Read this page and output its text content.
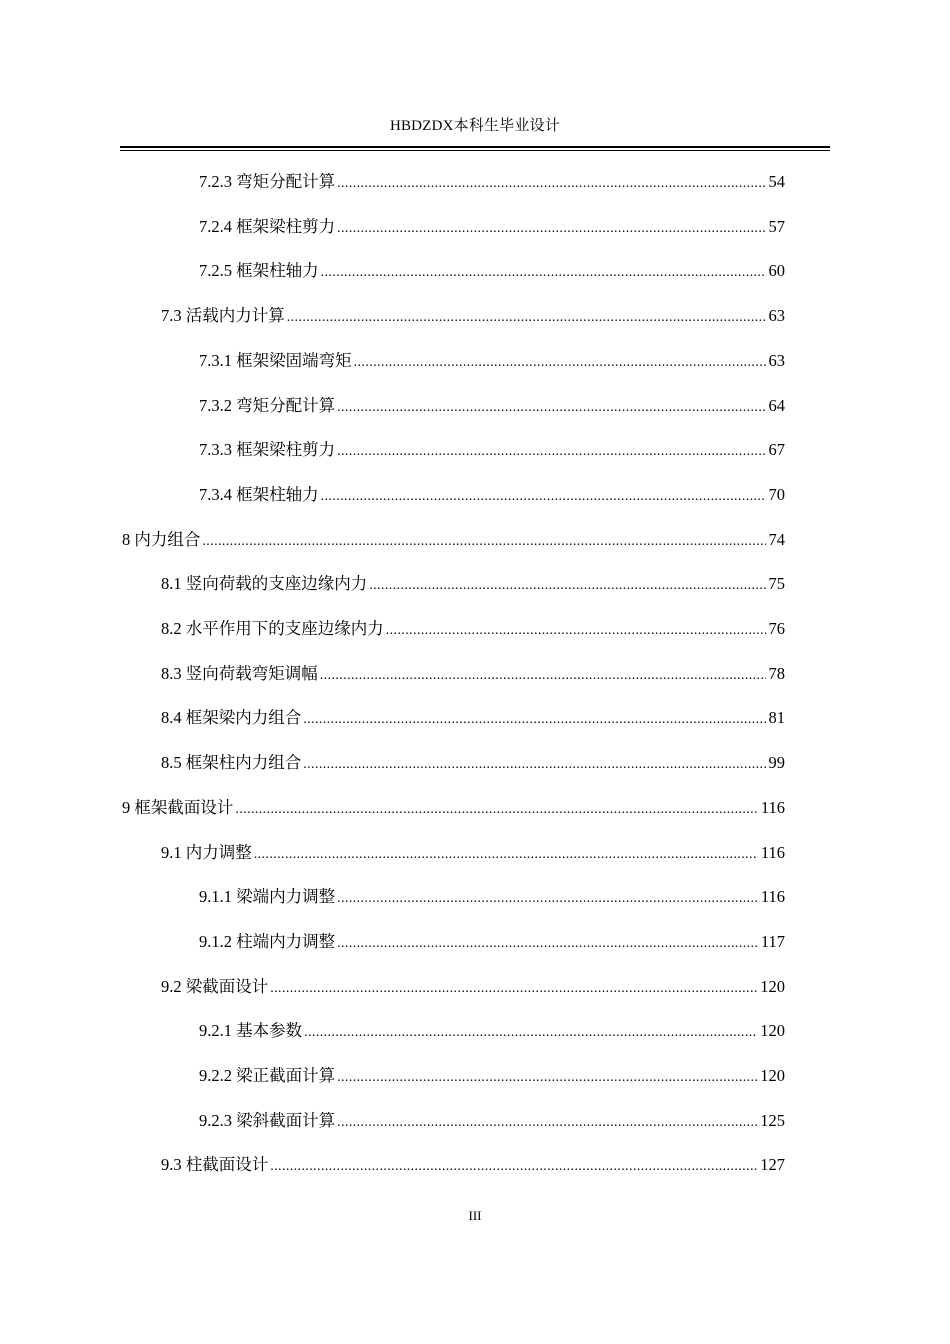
HBDZDX本科生毕业设计
7.2.3 弯矩分配计算 .....	54
7.2.4 框架梁柱剪力 .....	57
7.2.5 框架柱轴力 .....	60
7.3 活载内力计算 .....	63
7.3.1 框架梁固端弯矩 .....	63
7.3.2 弯矩分配计算 .....	64
7.3.3 框架梁柱剪力 .....	67
7.3.4 框架柱轴力 .....	70
8 内力组合 .....	74
8.1 竖向荷载的支座边缘内力 .....	75
8.2 水平作用下的支座边缘内力 .....	76
8.3 竖向荷载弯矩调幅 .....	78
8.4 框架梁内力组合 .....	81
8.5 框架柱内力组合 .....	99
9 框架截面设计 .....	116
9.1 内力调整 .....	116
9.1.1 梁端内力调整 .....	116
9.1.2 柱端内力调整 .....	117
9.2 梁截面设计 .....	120
9.2.1 基本参数 .....	120
9.2.2 梁正截面计算 .....	120
9.2.3 梁斜截面计算 .....	125
9.3 柱截面设计 .....	127
III
